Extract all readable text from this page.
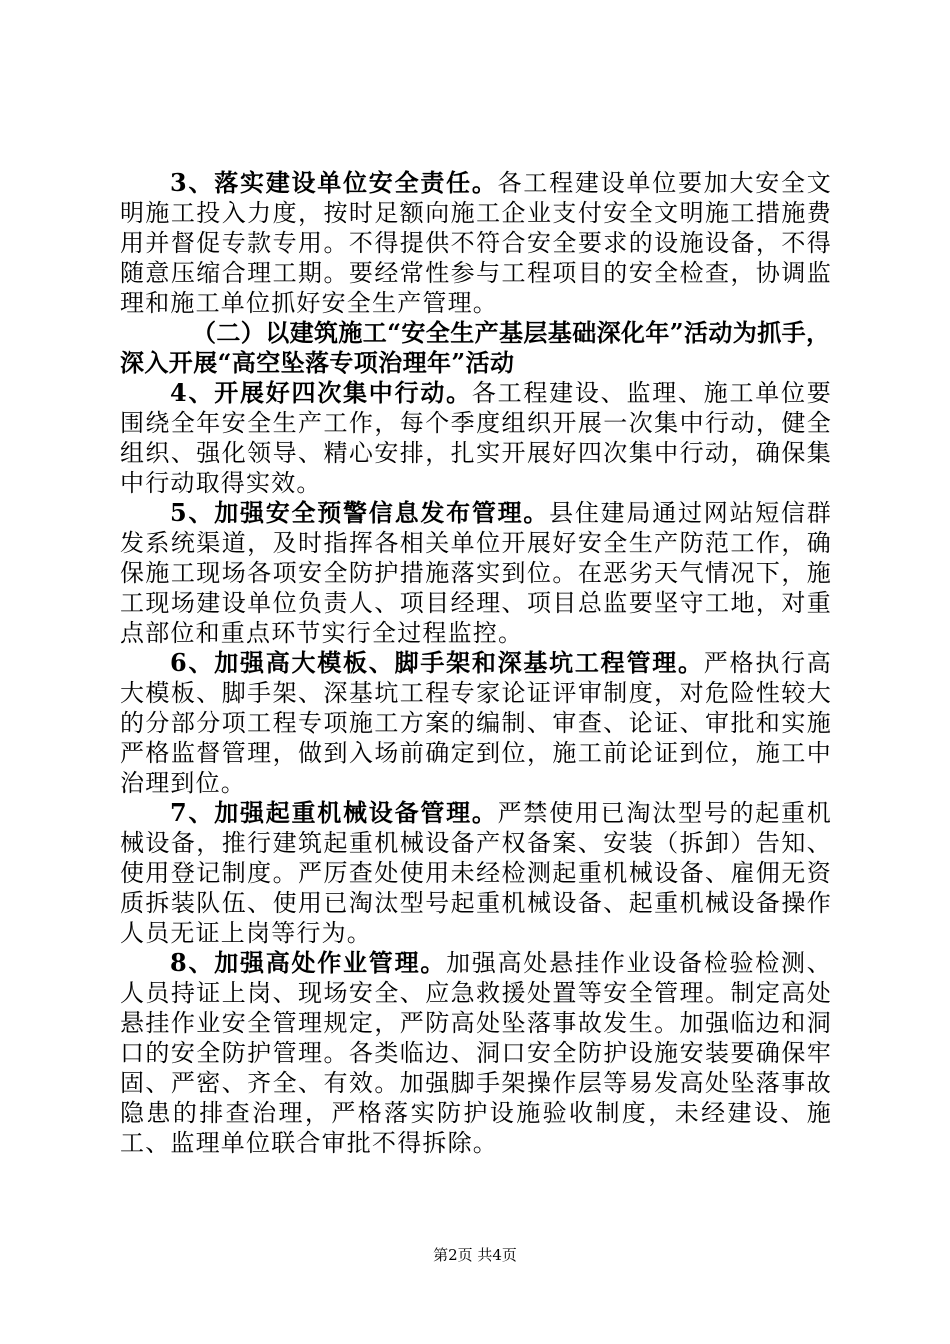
3、落实建设单位安全责任。各工程建设单位要加大安全文明施工投入力度，按时足额向施工企业支付安全文明施工措施费用并督促专款专用。不得提供不符合安全要求的设施设备，不得随意压缩合理工期。要经常性参与工程项目的安全检查，协调监理和施工单位抓好安全生产管理。

（二）以建筑施工“安全生产基层基础深化年”活动为抓手，深入开展“高空坠落专项治理年”活动

4、开展好四次集中行动。各工程建设、监理、施工单位要围绕全年安全生产工作，每个季度组织开展一次集中行动，健全组织、强化领导、精心安排，扎实开展好四次集中行动，确保集中行动取得实效。

5、加强安全预警信息发布管理。县住建局通过网站短信群发系统渠道，及时指挥各相关单位开展好安全生产防范工作，确保施工现场各项安全防护措施落实到位。在恶劣天气情况下，施工现场建设单位负责人、项目经理、项目总监要坚守工地，对重点部位和重点环节实行全过程监控。

6、加强高大模板、脚手架和深基坑工程管理。严格执行高大模板、脚手架、深基坑工程专家论证评审制度，对危险性较大的分部分项工程专项施工方案的编制、审查、论证、审批和实施严格监督管理，做到入场前确定到位，施工前论证到位，施工中治理到位。

7、加强起重机械设备管理。严禁使用已淘汰型号的起重机械设备，推行建筑起重机械设备产权备案、安装（拆卸）告知、使用登记制度。严厉查处使用未经检测起重机械设备、雇佣无资质拆装队伍、使用已淘汰型号起重机械设备、起重机械设备操作人员无证上岗等行为。

8、加强高处作业管理。加强高处悬挂作业设备检验检测、人员持证上岗、现场安全、应急救援处置等安全管理。制定高处悬挂作业安全管理规定，严防高处坠落事故发生。加强临边和洞口的安全防护管理。各类临边、洞口安全防护设施安装要确保牢固、严密、齐全、有效。加强脚手架操作层等易发高处坠落事故隐患的排查治理，严格落实防护设施验收制度，未经建设、施工、监理单位联合审批不得拆除。

第2页 共4页
